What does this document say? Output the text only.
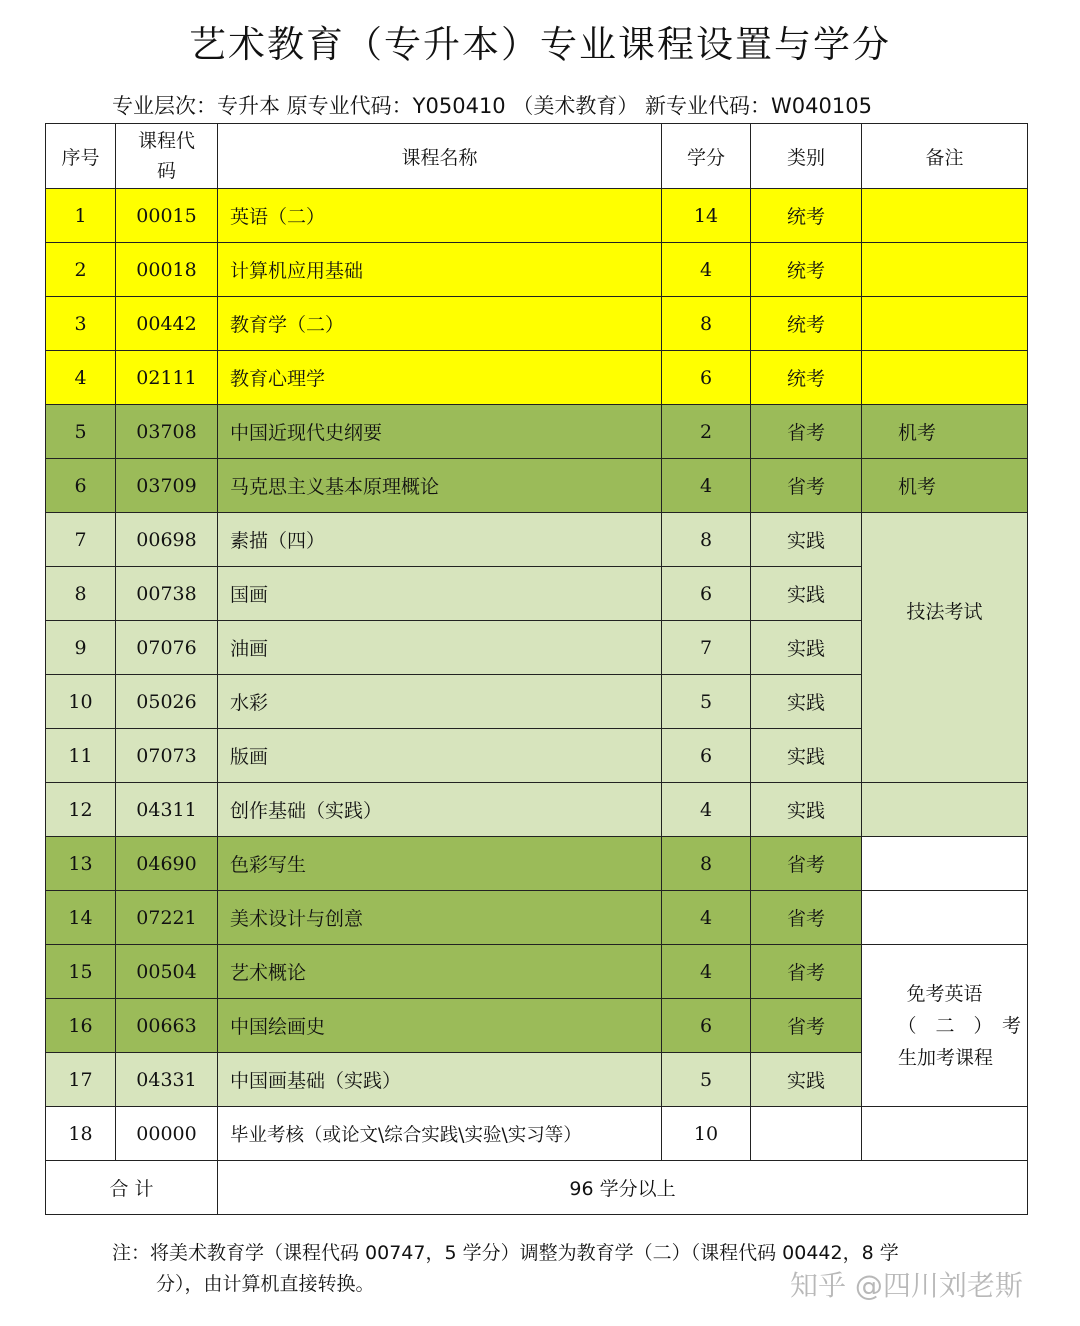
艺术教育（专升本）专业课程设置与学分
专业层次：专升本 原专业代码：Y050410 （美术教育） 新专业代码：W040105
序号	课程代码	课程名称	学分	类别	备注
1	00015	英语（二）	14	统考	
2	00018	计算机应用基础	4	统考	
3	00442	教育学（二）	8	统考	
4	02111	教育心理学	6	统考	
5	03708	中国近现代史纲要	2	省考	机考
6	03709	马克思主义基本原理概论	4	省考	机考
7	00698	素描（四）	8	实践	技法考试
8	00738	国画	6	实践	
9	07076	油画	7	实践	
10	05026	水彩	5	实践	
11	07073	版画	6	实践	
12	04311	创作基础（实践）	4	实践	
13	04690	色彩写生	8	省考	
14	07221	美术设计与创意	4	省考	
15	00504	艺术概论	4	省考	免考英语
（　二　）　考
生加考课程

16	00663	中国绘画史	6	省考	
17	04331	中国画基础（实践）	5	实践	
18	00000	毕业考核（或论文\综合实践\实验\实习等）	10		
合 计		96 学分以上			
注：将美术教育学（课程代码 00747，5 学分）调整为教育学（二）（课程代码 00442，8 学
分），由计算机直接转换。	知乎 @四川刘老斯
